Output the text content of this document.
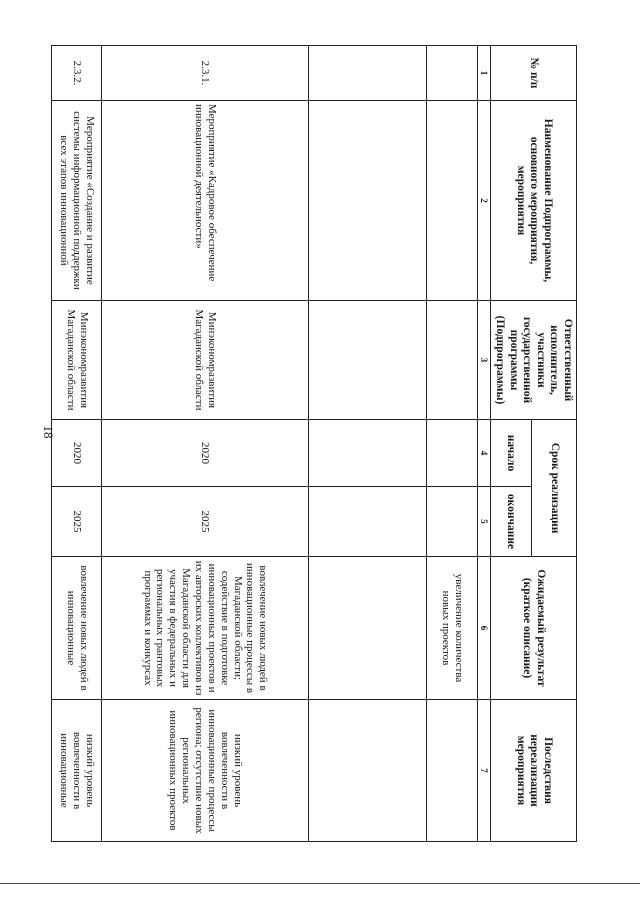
18
№ п/п	Наименование Подпрограммы, основного мероприятия, мероприятия	Ответственный исполнитель, участники государственной программы (Подпрограммы)	Срок реализации		Ожидаемый результат (краткое описание)	Последствия нереализации мероприятия
			начало	окончание		
1	2	3	4	5	6	7
					увеличение количества новых проектов	

2.3.1.	Мероприятие «Кадровое обеспечение инновационной деятельности»	Минэкономразвития Магаданской области	2020	2025	вовлечение новых людей в инновационные процессы в Магаданской области; содействие в подготовке инновационных проектов и их авторских коллективов из Магаданской области для участия в федеральных и региональных грантовых программах и конкурсах	низкий уровень вовлеченности в инновационные процессы региона; отсутствие новых региональных инновационных проектов
2.3.2.	Мероприятие «Создание и развитие системы информационной поддержки всех этапов инновационной	Минэкономразвития Магаданской области	2020	2025	вовлечение новых людей в инновационные	низкий уровень вовлеченности в инновационные
